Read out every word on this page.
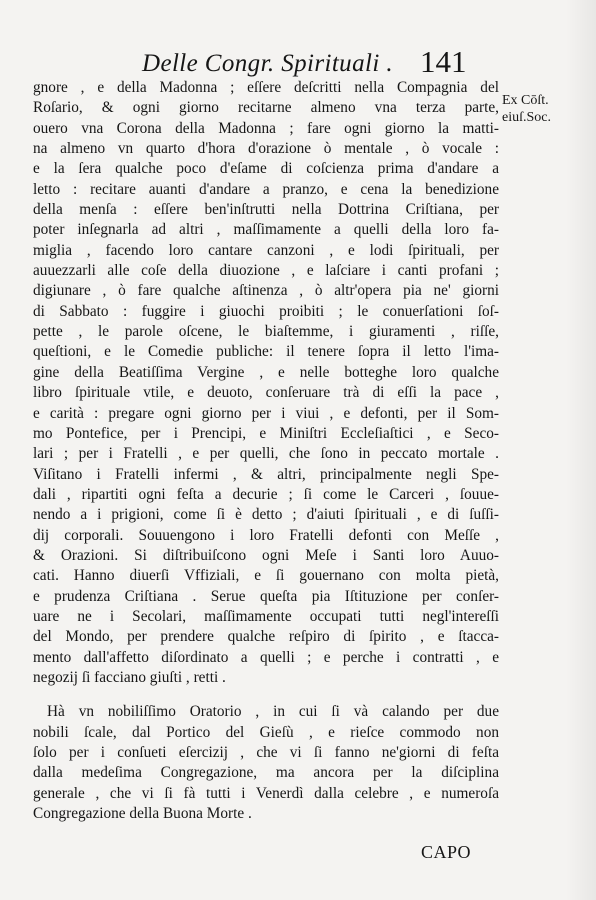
Delle Congr. Spirituali . 141
Ex Cōſt.
eiuſ.Soc.
gnore , e della Madonna ; eſſere deſcritti nella Compagnia del
Roſario, & ogni giorno recitarne almeno vna terza parte,
ouero vna Corona della Madonna ; fare ogni giorno la matti-
na almeno vn quarto d'hora d'orazione ò mentale , ò vocale :
e la ſera qualche poco d'eſame di coſcienza prima d'andare a
letto : recitare auanti d'andare a pranzo, e cena la benedizione
della menſa : eſſere ben'inſtrutti nella Dottrina Criſtiana, per
poter inſegnarla ad altri , maſſimamente a quelli della loro fa-
miglia , facendo loro cantare canzoni , e lodi ſpirituali, per
auuezzarli alle coſe della diuozione , e laſciare i canti profani ;
digiunare , ò fare qualche aſtinenza , ò altr'opera pia ne' giorni
di Sabbato : fuggire i giuochi proibiti ; le conuerſationi ſoſ-
pette , le parole oſcene, le biaſtemme, i giuramenti , riſſe,
queſtioni, e le Comedie publiche: il tenere ſopra il letto l'ima-
gine della Beatiſſima Vergine , e nelle botteghe loro qualche
libro ſpirituale vtile, e deuoto, conſeruare trà di eſſi la pace ,
e carità : pregare ogni giorno per i viui , e defonti, per il Som-
mo Pontefice, per i Prencipi, e Miniſtri Eccleſiaſtici , e Seco-
lari ; per i Fratelli , e per quelli, che ſono in peccato mortale .
Viſitano i Fratelli infermi , & altri, principalmente negli Spe-
dali , ripartiti ogni feſta a decurie ; ſi come le Carceri , ſouue-
nendo a i prigioni, come ſi è detto ; d'aiuti ſpirituali , e di ſuſſi-
dij corporali. Souuengono i loro Fratelli defonti con Meſſe ,
& Orazioni. Si diſtribuiſcono ogni Meſe i Santi loro Auuo-
cati. Hanno diuerſi Vffiziali, e ſi gouernano con molta pietà,
e prudenza Criſtiana . Serue queſta pia Iſtituzione per conſer-
uare ne i Secolari, maſſimamente occupati tutti negl'intereſſi
del Mondo, per prendere qualche reſpiro di ſpirito , e ſtacca-
mento dall'affetto diſordinato a quelli ; e perche i contratti , e
negozij ſi facciano giuſti , retti .
Hà vn nobiliſſimo Oratorio , in cui ſi và calando per due
nobili ſcale, dal Portico del Gieſù , e rieſce commodo non
ſolo per i conſueti eſercizij , che vi ſi fanno ne'giorni di feſta
dalla medeſima Congregazione, ma ancora per la diſciplina
generale , che vi ſi fà tutti i Venerdì dalla celebre , e numeroſa
Congregazione della Buona Morte .
CAPO
